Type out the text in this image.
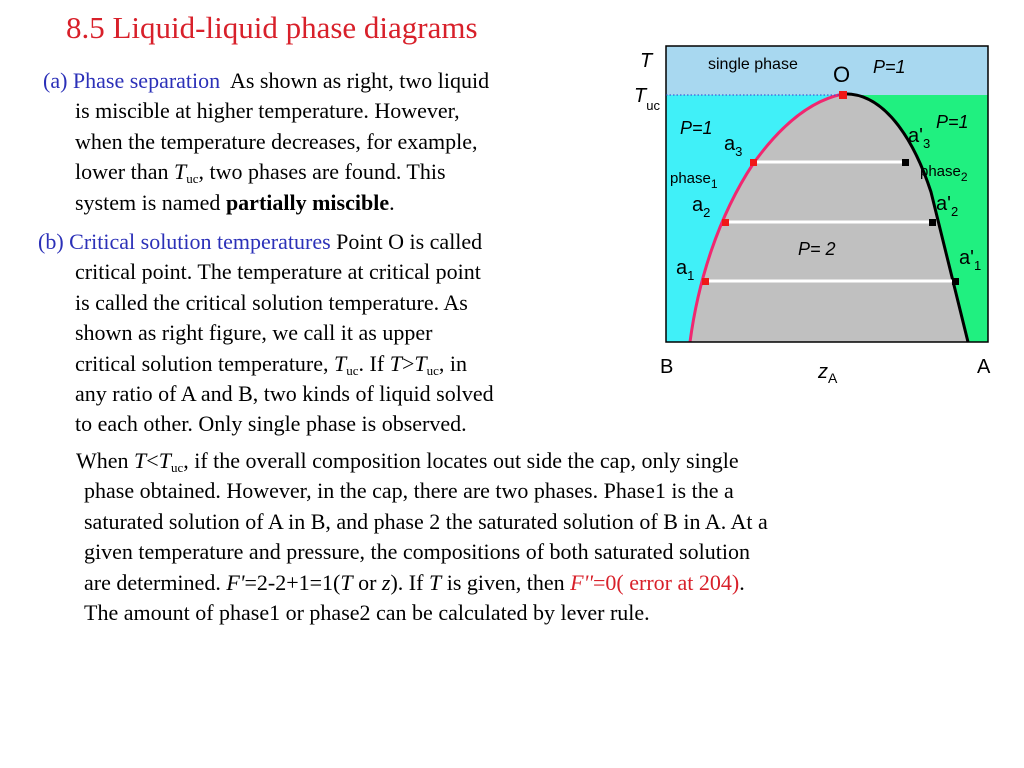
8.5 Liquid-liquid phase diagrams
(a) Phase separation As shown as right, two liquid
is miscible at higher temperature. However,
when the temperature decreases, for example,
lower than $T_{uc}$, two phases are found. This
system is named partially miscible.
(b) Critical solution temperatures Point O is called
critical point. The temperature at critical point
is called the critical solution temperature. As
shown as right figure, we call it as upper
critical solution temperature, $T_{uc}$. If $T>T_{uc}$, in
any ratio of A and B, two kinds of liquid solved
to each other. Only single phase is observed.
When $T<T_{uc}$, if the overall composition locates out side the cap, only single
phase obtained. However, in the cap, there are two phases. Phase1 is the a
saturated solution of A in B, and phase 2 the saturated solution of B in A. At a
given temperature and pressure, the compositions of both saturated solution
are determined. F'=2-2+1=1(T or z). If T is given, then F''=0( error at 204).
The amount of phase1 or phase2 can be calculated by lever rule.
T
$T_{uc}$
single phase O P=1
P=1	P=1
P= 2
$a_3$
phase$_1$
$a_2$
$a_1$
$a'_3$
phase$_2$
$a'_2$
$a'_1$
B	A
$z_A$
